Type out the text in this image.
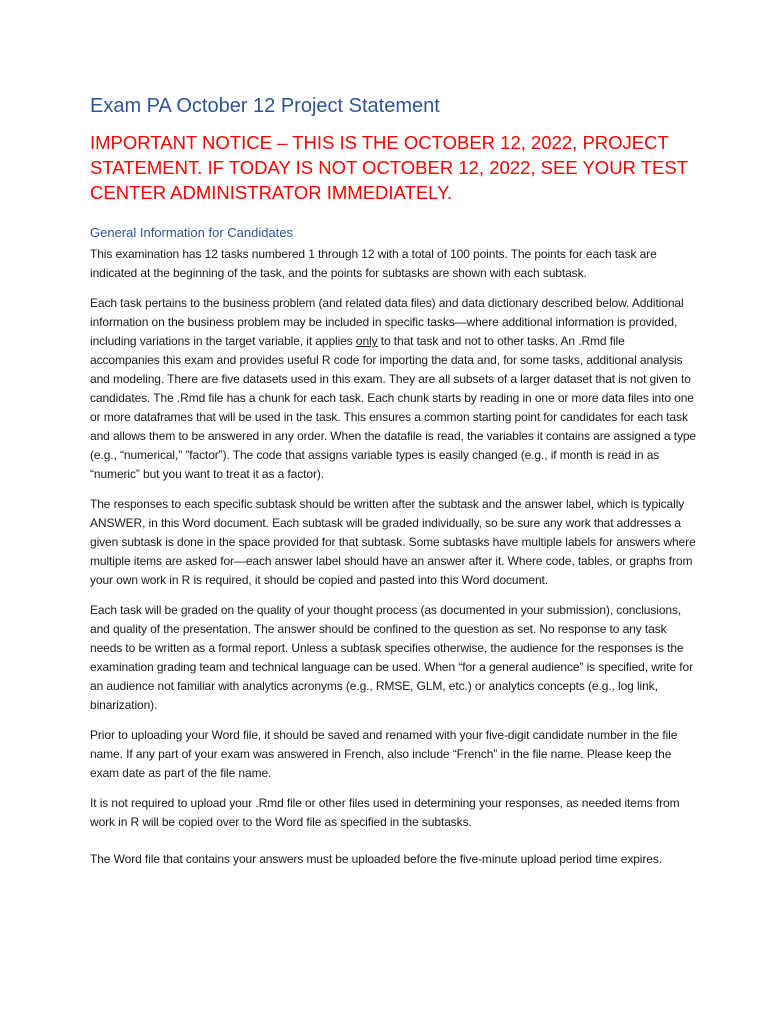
Exam PA October 12 Project Statement
IMPORTANT NOTICE – THIS IS THE OCTOBER 12, 2022, PROJECT STATEMENT. IF TODAY IS NOT OCTOBER 12, 2022, SEE YOUR TEST CENTER ADMINISTRATOR IMMEDIATELY.
General Information for Candidates

This examination has 12 tasks numbered 1 through 12 with a total of 100 points. The points for each task are indicated at the beginning of the task, and the points for subtasks are shown with each subtask.

Each task pertains to the business problem (and related data files) and data dictionary described below. Additional information on the business problem may be included in specific tasks—where additional information is provided, including variations in the target variable, it applies only to that task and not to other tasks. An .Rmd file accompanies this exam and provides useful R code for importing the data and, for some tasks, additional analysis and modeling. There are five datasets used in this exam. They are all subsets of a larger dataset that is not given to candidates. The .Rmd file has a chunk for each task. Each chunk starts by reading in one or more data files into one or more dataframes that will be used in the task. This ensures a common starting point for candidates for each task and allows them to be answered in any order. When the datafile is read, the variables it contains are assigned a type (e.g., “numerical,” ”factor”). The code that assigns variable types is easily changed (e.g., if month is read in as “numeric” but you want to treat it as a factor).

The responses to each specific subtask should be written after the subtask and the answer label, which is typically ANSWER, in this Word document. Each subtask will be graded individually, so be sure any work that addresses a given subtask is done in the space provided for that subtask. Some subtasks have multiple labels for answers where multiple items are asked for—each answer label should have an answer after it. Where code, tables, or graphs from your own work in R is required, it should be copied and pasted into this Word document.

Each task will be graded on the quality of your thought process (as documented in your submission), conclusions, and quality of the presentation. The answer should be confined to the question as set. No response to any task needs to be written as a formal report. Unless a subtask specifies otherwise, the audience for the responses is the examination grading team and technical language can be used. When “for a general audience” is specified, write for an audience not familiar with analytics acronyms (e.g., RMSE, GLM, etc.) or analytics concepts (e.g., log link, binarization).

Prior to uploading your Word file, it should be saved and renamed with your five-digit candidate number in the file name. If any part of your exam was answered in French, also include “French” in the file name. Please keep the exam date as part of the file name.

It is not required to upload your .Rmd file or other files used in determining your responses, as needed items from work in R will be copied over to the Word file as specified in the subtasks.

The Word file that contains your answers must be uploaded before the five-minute upload period time expires.
